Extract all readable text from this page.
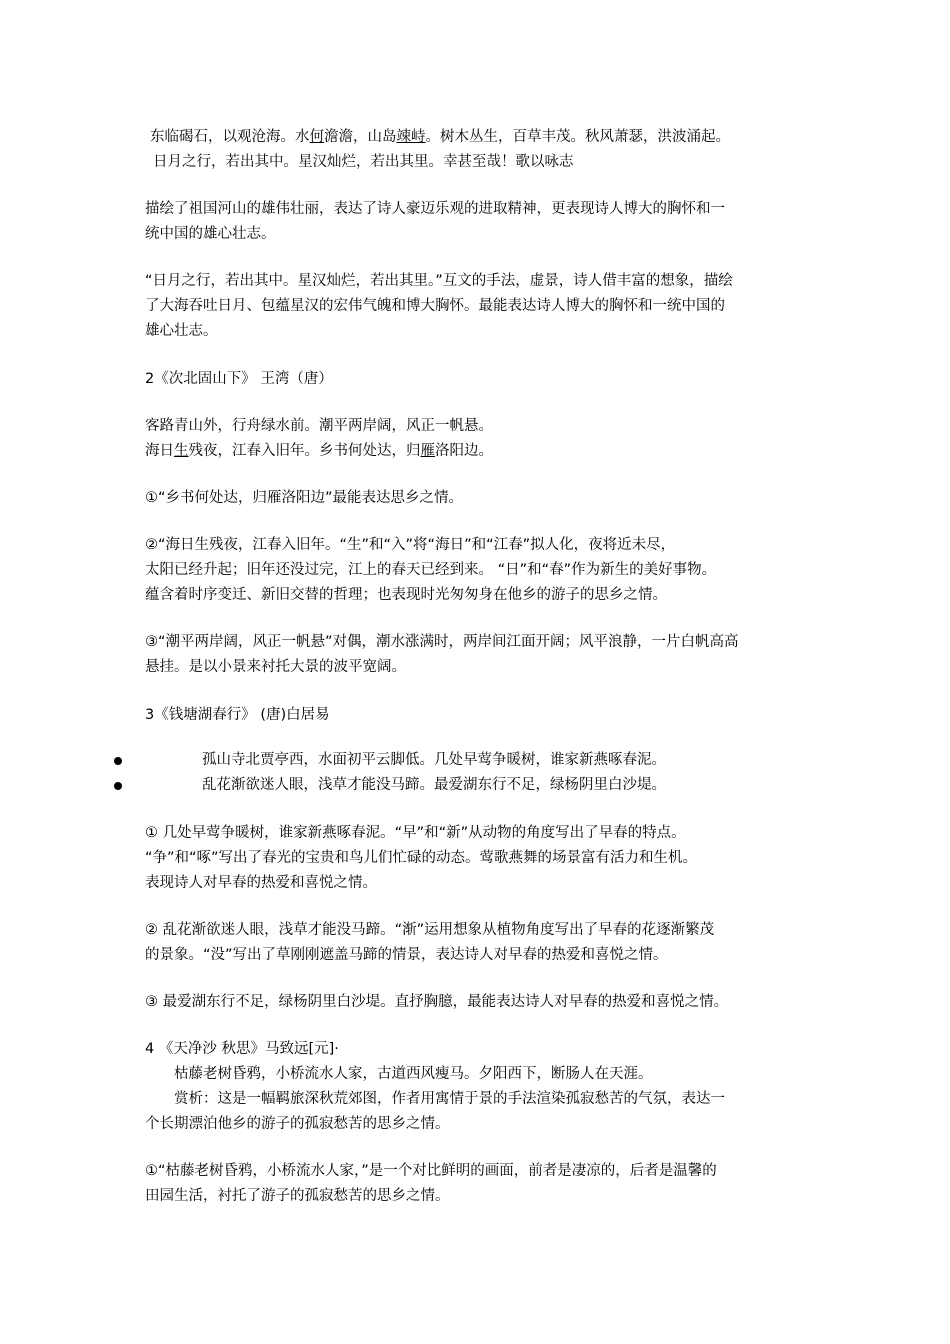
东临碣石，以观沧海。水何澹澹，山岛竦峙。树木丛生，百草丰茂。秋风萧瑟，洪波涌起。
日月之行，若出其中。星汉灿烂，若出其里。幸甚至哉！歌以咏志
描绘了祖国河山的雄伟壮丽，表达了诗人豪迈乐观的进取精神，更表现诗人博大的胸怀和一
统中国的雄心壮志。
“日月之行，若出其中。星汉灿烂，若出其里。”互文的手法，虚景，诗人借丰富的想象，描绘
了大海吞吐日月、包蕴星汉的宏伟气魄和博大胸怀。最能表达诗人博大的胸怀和一统中国的
雄心壮志。
2《次北固山下》 王湾（唐）
客路青山外，行舟绿水前。潮平两岸阔，风正一帆悬。
海日生残夜，江春入旧年。乡书何处达，归雁洛阳边。
①“乡书何处达，归雁洛阳边”最能表达思乡之情。
②“海日生残夜，江春入旧年。“生”和“入”将“海日”和“江春”拟人化，夜将近未尽，
太阳已经升起；旧年还没过完，江上的春天已经到来。 “日”和“春”作为新生的美好事物。
蕴含着时序变迁、新旧交替的哲理；也表现时光匆匆身在他乡的游子的思乡之情。
③“潮平两岸阔，风正一帆悬”对偶，潮水涨满时，两岸间江面开阔；风平浪静，一片白帆高高
悬挂。是以小景来衬托大景的波平宽阔。
3《钱塘湖春行》 (唐)白居易
孤山寺北贾亭西，水面初平云脚低。几处早莺争暖树，谁家新燕啄春泥。
乱花渐欲迷人眼，浅草才能没马蹄。最爱湖东行不足，绿杨阴里白沙堤。
① 几处早莺争暖树，谁家新燕啄春泥。“早”和“新”从动物的角度写出了早春的特点。
“争”和“啄”写出了春光的宝贵和鸟儿们忙碌的动态。莺歌燕舞的场景富有活力和生机。
表现诗人对早春的热爱和喜悦之情。
② 乱花渐欲迷人眼，浅草才能没马蹄。“渐”运用想象从植物角度写出了早春的花逐渐繁茂
的景象。“没”写出了草刚刚遮盖马蹄的情景，表达诗人对早春的热爱和喜悦之情。
③ 最爱湖东行不足，绿杨阴里白沙堤。直抒胸臆，最能表达诗人对早春的热爱和喜悦之情。
4 《天净沙 秋思》马致远[元]·
枯藤老树昏鸦，小桥流水人家，古道西风瘦马。夕阳西下，断肠人在天涯。
赏析：这是一幅羁旅深秋荒郊图，作者用寓情于景的手法渲染孤寂愁苦的气氛，表达一
个长期漂泊他乡的游子的孤寂愁苦的思乡之情。
①“枯藤老树昏鸦，小桥流水人家，”是一个对比鲜明的画面，前者是凄凉的，后者是温馨的
田园生活，衬托了游子的孤寂愁苦的思乡之情。
